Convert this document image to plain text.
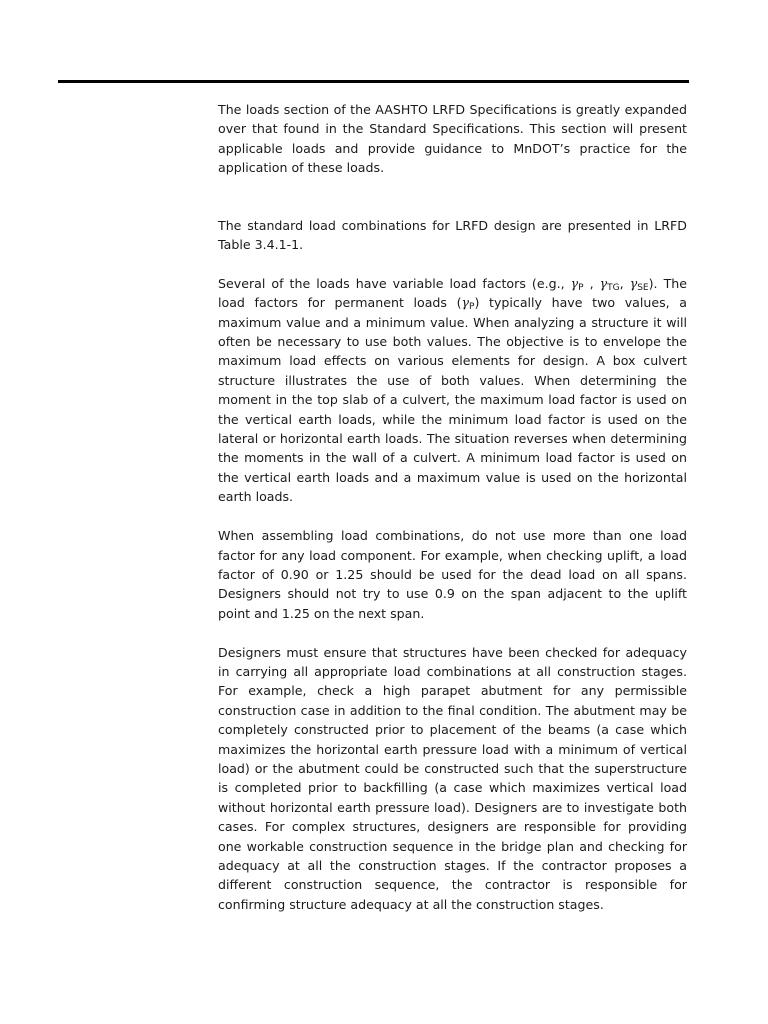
The loads section of the AASHTO LRFD Specifications is greatly expanded over that found in the Standard Specifications. This section will present applicable loads and provide guidance to MnDOT’s practice for the application of these loads.

The standard load combinations for LRFD design are presented in LRFD Table 3.4.1-1.

Several of the loads have variable load factors (e.g., $\gamma_P$ , $\gamma_{TG}$, $\gamma_{SE}$). The load factors for permanent loads $(\gamma_P)$ typically have two values, a maximum value and a minimum value. When analyzing a structure it will often be necessary to use both values. The objective is to envelope the maximum load effects on various elements for design. A box culvert structure illustrates the use of both values. When determining the moment in the top slab of a culvert, the maximum load factor is used on the vertical earth loads, while the minimum load factor is used on the lateral or horizontal earth loads. The situation reverses when determining the moments in the wall of a culvert. A minimum load factor is used on the vertical earth loads and a maximum value is used on the horizontal earth loads.

When assembling load combinations, do not use more than one load factor for any load component. For example, when checking uplift, a load factor of 0.90 or 1.25 should be used for the dead load on all spans. Designers should not try to use 0.9 on the span adjacent to the uplift point and 1.25 on the next span.

Designers must ensure that structures have been checked for adequacy in carrying all appropriate load combinations at all construction stages. For example, check a high parapet abutment for any permissible construction case in addition to the final condition. The abutment may be completely constructed prior to placement of the beams (a case which maximizes the horizontal earth pressure load with a minimum of vertical load) or the abutment could be constructed such that the superstructure is completed prior to backfilling (a case which maximizes vertical load without horizontal earth pressure load). Designers are to investigate both cases. For complex structures, designers are responsible for providing one workable construction sequence in the bridge plan and checking for adequacy at all the construction stages. If the contractor proposes a different construction sequence, the contractor is responsible for confirming structure adequacy at all the construction stages.
